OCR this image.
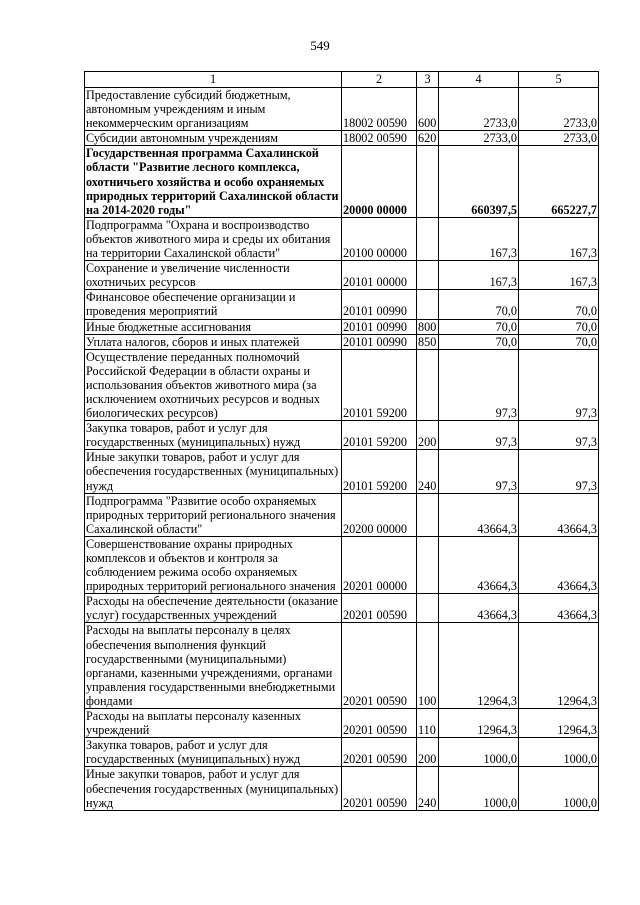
549
1	2	3	4	5
Предоставление субсидий бюджетным, автономным учреждениям и иным некоммерческим организациям	18002 00590	600	2733,0	2733,0
Субсидии автономным учреждениям	18002 00590	620	2733,0	2733,0
Государственная программа Сахалинской области "Развитие лесного комплекса, охотничьего хозяйства и особо охраняемых природных территорий Сахалинской области на 2014-2020 годы"	20000 00000		660397,5	665227,7
Подпрограмма "Охрана и воспроизводство объектов животного мира и среды их обитания на территории Сахалинской области"	20100 00000		167,3	167,3
Сохранение и увеличение численности охотничьих ресурсов	20101 00000		167,3	167,3
Финансовое обеспечение организации и проведения мероприятий	20101 00990		70,0	70,0
Иные бюджетные ассигнования	20101 00990	800	70,0	70,0
Уплата налогов, сборов и иных платежей	20101 00990	850	70,0	70,0
Осуществление переданных полномочий Российской Федерации в области охраны и использования объектов животного мира (за исключением охотничьих ресурсов и водных биологических ресурсов)	20101 59200		97,3	97,3
Закупка товаров, работ и услуг для государственных (муниципальных) нужд	20101 59200	200	97,3	97,3
Иные закупки товаров, работ и услуг для обеспечения государственных (муниципальных) нужд	20101 59200	240	97,3	97,3
Подпрограмма "Развитие особо охраняемых природных территорий регионального значения Сахалинской области"	20200 00000		43664,3	43664,3
Совершенствование охраны природных комплексов и объектов и контроля за соблюдением режима особо охраняемых природных территорий регионального значения	20201 00000		43664,3	43664,3
Расходы на обеспечение деятельности (оказание услуг) государственных учреждений	20201 00590		43664,3	43664,3
Расходы на выплаты персоналу в целях обеспечения выполнения функций государственными (муниципальными) органами, казенными учреждениями, органами управления государственными внебюджетными фондами	20201 00590	100	12964,3	12964,3
Расходы на выплаты персоналу казенных учреждений	20201 00590	110	12964,3	12964,3
Закупка товаров, работ и услуг для государственных (муниципальных) нужд	20201 00590	200	1000,0	1000,0
Иные закупки товаров, работ и услуг для обеспечения государственных (муниципальных) нужд	20201 00590	240	1000,0	1000,0
